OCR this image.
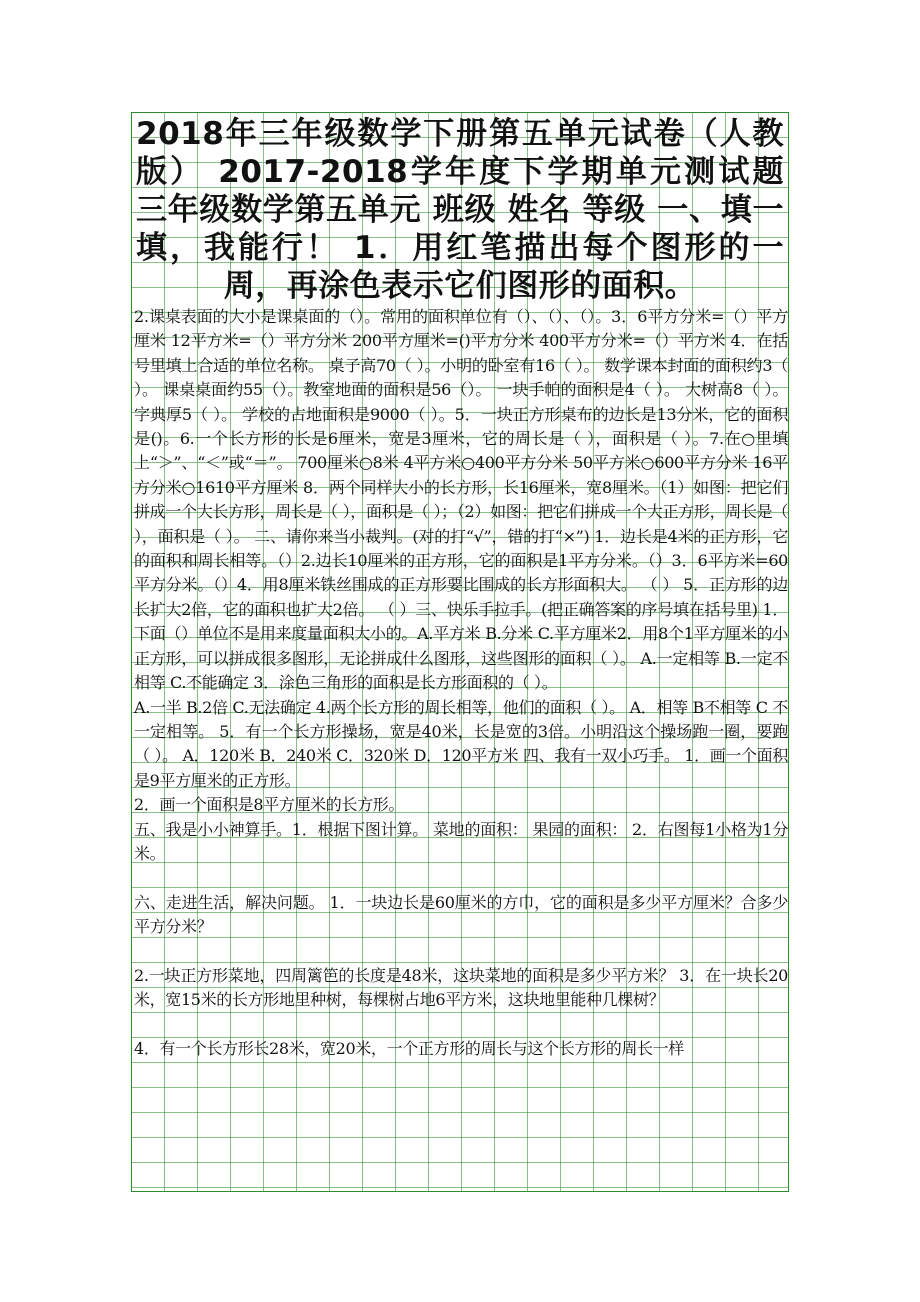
2018年三年级数学下册第五单元试卷（人教版） 2017-2018学年度下学期单元测试题 三年级数学第五单元 班级 姓名 等级 一、填一填，我能行！ 1．用红笔描出每个图形的一周，再涂色表示它们图形的面积。

2.课桌表面的大小是课桌面的（）。常用的面积单位有（）、（）、（）。3．6平方分米=（）平方厘米 12平方米=（）平方分米 200平方厘米=()平方分米 400平方分米=（）平方米 4．在括号里填上合适的单位名称。 桌子高70（ ）。小明的卧室有16（ ）。 数学课本封面的面积约3（ ）。 课桌桌面约55（）。教室地面的面积是56（）。 一块手帕的面积是4（ ）。 大树高8（ ）。 字典厚5（ ）。 学校的占地面积是9000（ ）。5．一块正方形桌布的边长是13分米，它的面积是()。6.一个长方形的长是6厘米，宽是3厘米，它的周长是（ ），面积是（ ）。7.在○里填上“＞”、“＜”或“＝”。 700厘米○8米 4平方米○400平方分米 50平方米○600平方分米 16平方分米○1610平方厘米 8．两个同样大小的长方形，长16厘米，宽8厘米。（1）如图：把它们拼成一个大长方形，周长是（ ），面积是（ ）；（2）如图：把它们拼成一个大正方形，周长是（ ），面积是（ ）。 二、请你来当小裁判。(对的打“√”，错的打“×”) 1．边长是4米的正方形，它的面积和周长相等。（）2.边长10厘米的正方形，它的面积是1平方分米。（）3．6平方米=60平方分米。（）4．用8厘米铁丝围成的正方形要比围成的长方形面积大。 （ ） 5．正方形的边长扩大2倍，它的面积也扩大2倍。 （ ）三、快乐手拉手。(把正确答案的序号填在括号里) 1．下面（）单位不是用来度量面积大小的。A.平方米 B.分米 C.平方厘米2．用8个1平方厘米的小正方形，可以拼成很多图形，无论拼成什么图形，这些图形的面积（ ）。 A.一定相等 B.一定不相等 C.不能确定 3．涂色三角形的面积是长方形面积的（ ）。

A.一半 B.2倍 C.无法确定 4.两个长方形的周长相等，他们的面积（ ）。 A．相等 B不相等 C 不一定相等。 5．有一个长方形操场，宽是40米，长是宽的3倍。小明沿这个操场跑一圈，要跑（ ）。 A．120米 B．240米 C．320米 D．120平方米 四、我有一双小巧手。 1．画一个面积是9平方厘米的正方形。

2．画一个面积是8平方厘米的长方形。

五、我是小小神算手。1．根据下图计算。 菜地的面积： 果园的面积： 2．右图每1小格为1分米。

六、走进生活，解决问题。 1．一块边长是60厘米的方巾，它的面积是多少平方厘米？合多少平方分米？

2.一块正方形菜地，四周篱笆的长度是48米，这块菜地的面积是多少平方米？ 3．在一块长20米，宽15米的长方形地里种树，每棵树占地6平方米，这块地里能种几棵树？

4．有一个长方形长28米，宽20米，一个正方形的周长与这个长方形的周长一样
